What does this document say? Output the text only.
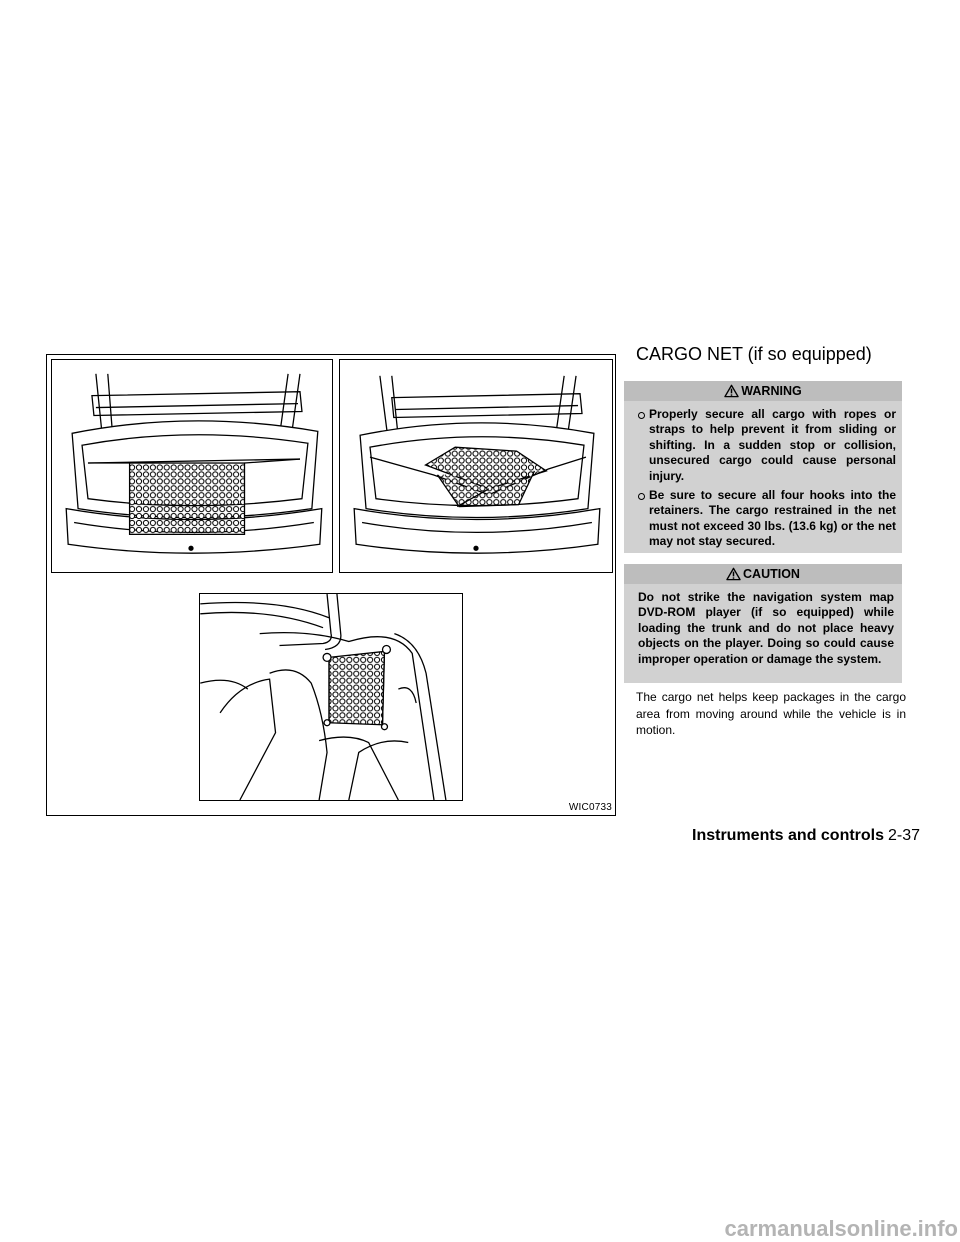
WIC0733
CARGO NET (if so equipped)
WARNING
Properly secure all cargo with ropes or straps to help prevent it from sliding or shifting. In a sudden stop or collision, unsecured cargo could cause personal injury.
Be sure to secure all four hooks into the retainers. The cargo restrained in the net must not exceed 30 lbs. (13.6 kg) or the net may not stay secured.
CAUTION

Do not strike the navigation system map DVD-ROM player (if so equipped) while loading the trunk and do not place heavy objects on the player. Doing so could cause improper operation or damage the system.

The cargo net helps keep packages in the cargo area from moving around while the vehicle is in motion.

Instruments and controls 2-37
carmanualsonline.info
